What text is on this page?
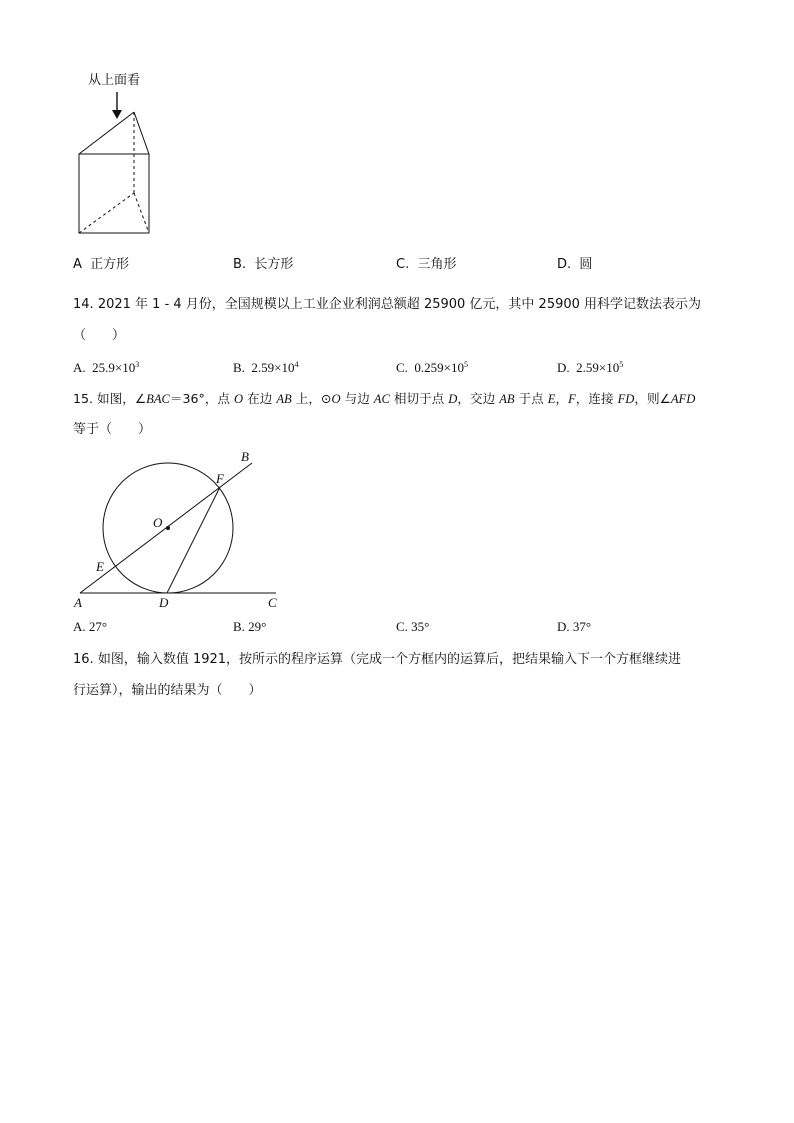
从上面看
A 正方形	B. 长方形	C. 三角形	D. 圆
14. 2021 年 1 - 4 月份，全国规模以上工业企业利润总额超 25900 亿元，其中 25900 用科学记数法表示为
（　　）
A. $25.9\times 10^3$	B. $2.59\times 10^4$	C. $0.259\times 10^5$	D. $2.59\times 10^5$
15. 如图，∠BAC＝36°，点 O 在边 AB 上，⊙O 与边 AC 相切于点 D，交边 AB 于点 E，F，连接 FD，则∠AFD
等于（　　）
B
F
O
E
A	D	C
A. 27°	B. 29°	C. 35°	D. 37°
16. 如图，输入数值 1921，按所示的程序运算（完成一个方框内的运算后，把结果输入下一个方框继续进
行运算），输出的结果为（　　）
